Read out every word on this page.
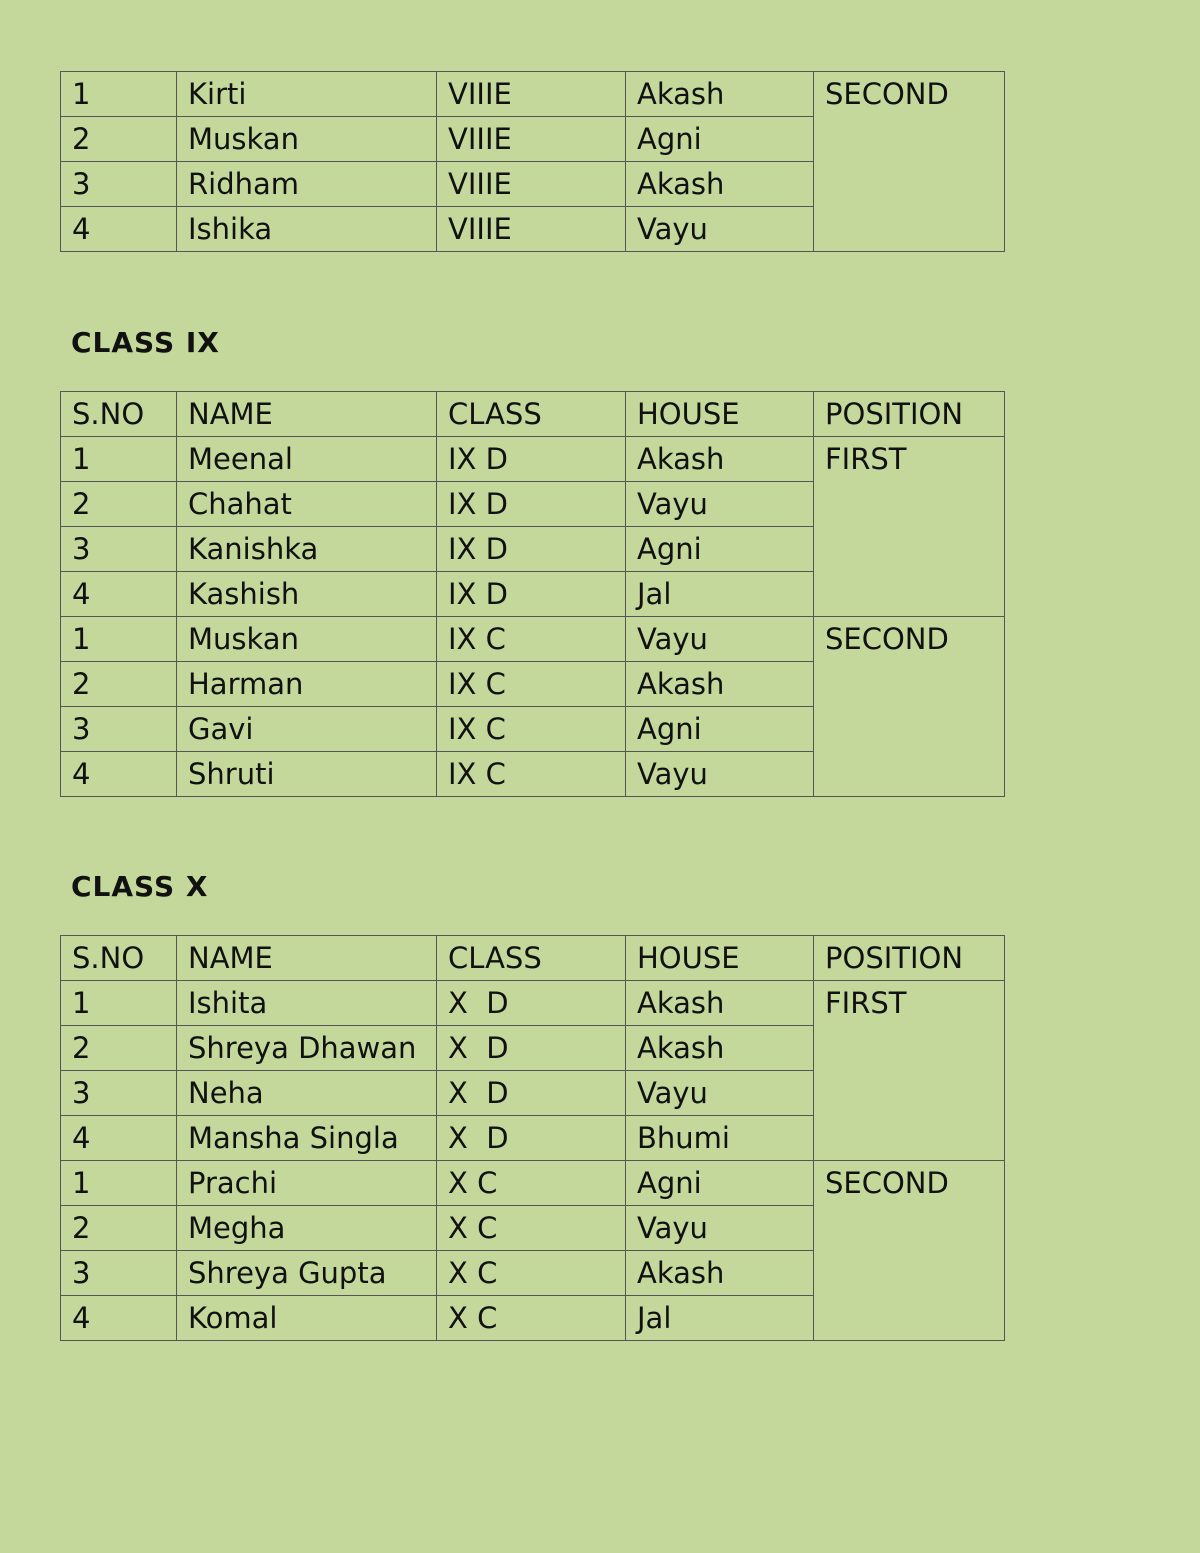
1	Kirti	VIIIE	Akash	SECOND
2	Muskan	VIIIE	Agni	
3	Ridham	VIIIE	Akash	
4	Ishika	VIIIE	Vayu	
CLASS IX
S.NO	NAME	CLASS	HOUSE	POSITION
1	Meenal	IX D	Akash	FIRST
2	Chahat	IX D	Vayu	
3	Kanishka	IX D	Agni	
4	Kashish	IX D	Jal	
1	Muskan	IX C	Vayu	SECOND
2	Harman	IX C	Akash	
3	Gavi	IX C	Agni	
4	Shruti	IX C	Vayu	
CLASS X
S.NO	NAME	CLASS	HOUSE	POSITION
1	Ishita	X  D	Akash	FIRST
2	Shreya Dhawan	X  D	Akash	
3	Neha	X  D	Vayu	
4	Mansha Singla	X  D	Bhumi	
1	Prachi	X C	Agni	SECOND
2	Megha	X C	Vayu	
3	Shreya Gupta	X C	Akash	
4	Komal	X C	Jal	
